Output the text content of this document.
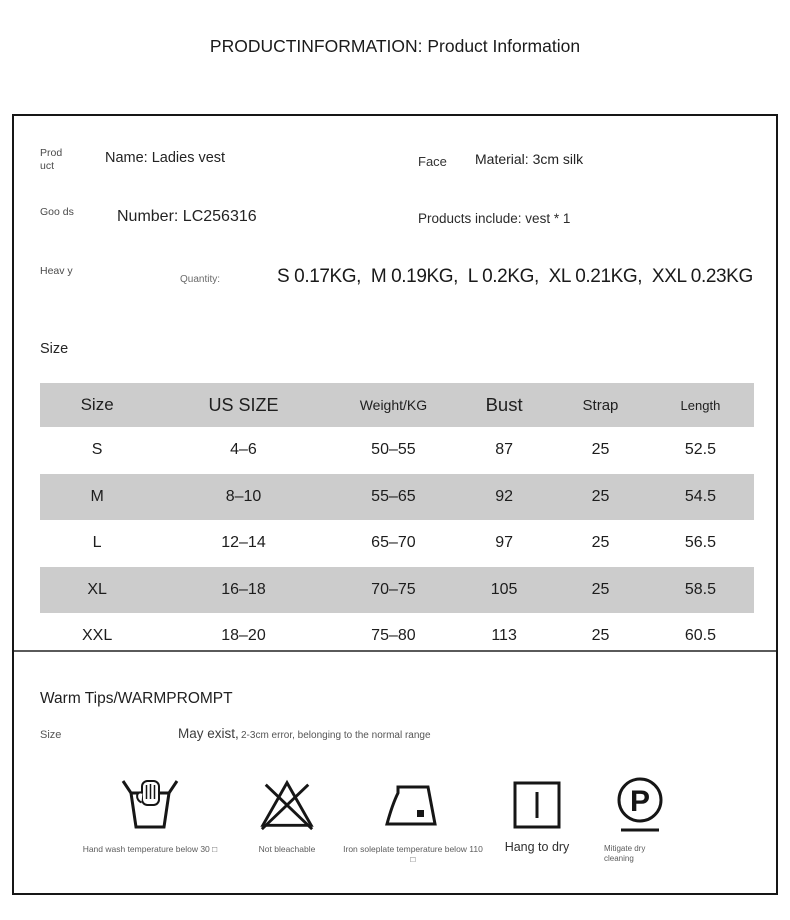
PRODUCTINFORMATION: Product Information
Prod uct	Name: Ladies vest	Face Material: 3cm silk
Goo ds	Number: LC256316	Products include: vest * 1
Heav y
Quantity:	S 0.17KG,  M 0.19KG,  L 0.2KG,  XL 0.21KG,  XXL 0.23KG
Size
Size	US SIZE	Weight/KG	Bust	Strap	Length
S	4–6	50–55	87	25	52.5
M	8–10	55–65	92	25	54.5
L	12–14	65–70	97	25	56.5
XL	16–18	70–75	105	25	58.5
XXL	18–20	75–80	113	25	60.5
Warm Tips/WARMPROMPT
Size	May exist, 2-3cm error, belonging to the normal range
Hand wash temperature below 30 □	Not bleachable	Iron soleplate temperature below 110 □
Hang to dry
P
Mitigate dry cleaning
